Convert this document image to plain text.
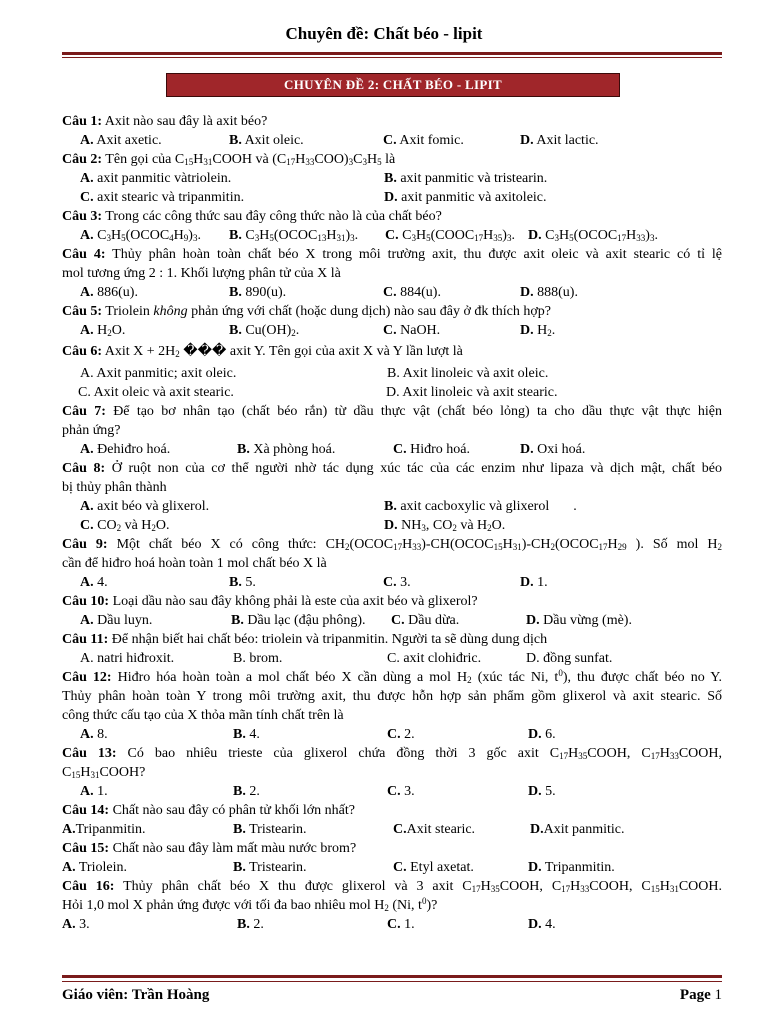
Chuyên đề: Chất béo - lipit
CHUYÊN ĐỀ 2: CHẤT BÉO - LIPIT
Câu 1: Axit nào sau đây là axit béo?
A. Axit axetic.	B. Axit oleic.	C. Axit fomic.	D. Axit lactic.
Câu 2: Tên gọi của $C_{15}H_{31}COOH$ và $(C_{17}H_{33}COO)_3C_3H_5$ là
A. axit panmitic vàtriolein.	B. axit panmitic và tristearin.
C. axit stearic và tripanmitin.	D. axit panmitic và axitoleic.
Câu 3: Trong các công thức sau đây công thức nào là của chất béo?
A. $C_3H_5(OCOC_4H_9)_3$. B. $C_3H_5(OCOC_{13}H_{31})_3$. C. $C_3H_5(COOC_{17}H_{35})_3$. D. $C_3H_5(OCOC_{17}H_{33})_3$.
Câu 4: Thủy phân hoàn toàn chất béo X trong môi trường axit, thu được axit oleic và axit stearic có tỉ lệ
mol tương ứng 2 : 1. Khối lượng phân tử của X là
A. 886(u).	B. 890(u).	C. 884(u).	D. 888(u).
Câu 5: Triolein không phản ứng với chất (hoặc dung dịch) nào sau đây ở đk thích hợp?
A. $H_2O$.	B. $Cu(OH)_2$.	C. NaOH.	D. $H_2$.
Câu 6: Axit $X + 2H_2$ ��� axit Y. Tên gọi của axit X và Y lần lượt là
A. Axit panmitic; axit oleic.	B. Axit linoleic và axit oleic.
C. Axit oleic và axit stearic.	D. Axit linoleic và axit stearic.
Câu 7: Để tạo bơ nhân tạo (chất béo rắn) từ dầu thực vật (chất béo lỏng) ta cho dầu thực vật thực hiện
phản ứng?
A. Đehiđro hoá.	B. Xà phòng hoá.	C. Hiđro hoá.	D. Oxi hoá.
Câu 8: Ở ruột non của cơ thể người nhờ tác dụng xúc tác của các enzim như lipaza và dịch mật, chất béo
bị thủy phân thành
A. axit béo và glixerol.	B. axit cacboxylic và glixerol .
C. $CO_2$ và $H_2O$.	D. $NH_3$, $CO_2$ và $H_2O$.
Câu 9: Một chất béo X có công thức: $CH_2(OCOC_{17}H_{33})-CH(OCOC_{15}H_{31})-CH_2(OCOC_{17}H_{29}$ ). Số mol $H_2$
cần để hiđro hoá hoàn toàn 1 mol chất béo X là
A. 4.	B. 5.	C. 3.	D. 1.
Câu 10: Loại dầu nào sau đây không phải là este của axit béo và glixerol?
A. Dầu luyn.	B. Dầu lạc (đậu phông). C. Dầu dừa.	D. Dầu vừng (mè).
Câu 11: Để nhận biết hai chất béo: triolein và tripanmitin. Người ta sẽ dùng dung dịch
A. natri hiđroxit.	B. brom.	C. axit clohiđric.	D. đồng sunfat.
Câu 12: Hiđro hóa hoàn toàn a mol chất béo X cần dùng a mol $H_2$ (xúc tác Ni, $t^0$), thu được chất béo no Y.
Thủy phân hoàn toàn Y trong môi trường axit, thu được hỗn hợp sản phẩm gồm glixerol và axit stearic. Số
công thức cấu tạo của X thỏa mãn tính chất trên là
A. 8.	B. 4.	C. 2.	D. 6.
Câu 13: Có bao nhiêu trieste của glixerol chứa đồng thời 3 gốc axit $C_{17}H_{35}COOH$, $C_{17}H_{33}COOH$,
$C_{15}H_{31}COOH$?
A. 1.	B. 2.	C. 3.	D. 5.
Câu 14: Chất nào sau đây có phân tử khối lớn nhất?
A.Tripanmitin.	B. Tristearin.	C.Axit stearic.	D.Axit panmitic.
Câu 15: Chất nào sau đây làm mất màu nước brom?
A. Triolein.	B. Tristearin.	C. Etyl axetat.	D. Tripanmitin.
Câu 16: Thủy phân chất béo X thu được glixerol và 3 axit $C_{17}H_{35}COOH$, $C_{17}H_{33}COOH$, $C_{15}H_{31}COOH$.
Hỏi 1,0 mol X phản ứng được với tối đa bao nhiêu mol $H_2$ (Ni, $t^0$)?
A. 3.	B. 2.	C. 1.	D. 4.
Giáo viên: Trần Hoàng	Page 1
